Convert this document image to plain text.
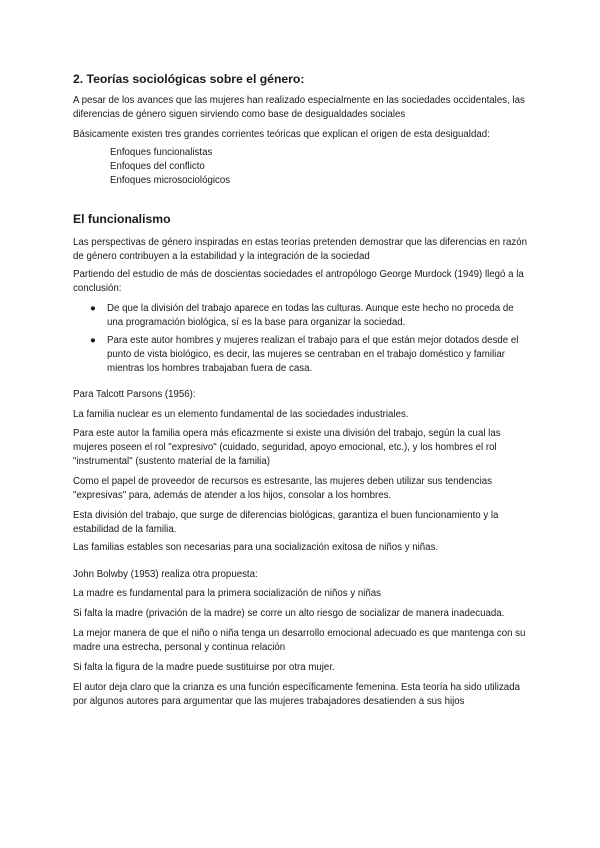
2. Teorías sociológicas sobre el género:
A pesar de los avances que las mujeres han realizado especialmente en las sociedades occidentales, las diferencias de género siguen sirviendo como base de desigualdades sociales
Básicamente existen tres grandes corrientes teóricas que explican el origen de esta desigualdad:
Enfoques funcionalistas
Enfoques del conflicto
Enfoques microsociológicos
El funcionalismo
Las perspectivas de género inspiradas en estas teorías pretenden demostrar que las diferencias en razón de género contribuyen a la estabilidad y la integración de la sociedad
Partiendo del estudio de más de doscientas sociedades el antropólogo George Murdock (1949) llegó a la conclusión:
● De que la división del trabajo aparece en todas las culturas. Aunque este hecho no proceda de una programación biológica, sí es la base para organizar la sociedad.
● Para este autor hombres y mujeres realizan el trabajo para el que están mejor dotados desde el punto de vista biológico, es decir, las mujeres se centraban en el trabajo doméstico y familiar mientras los hombres trabajaban fuera de casa.
Para Talcott Parsons (1956):
La familia nuclear es un elemento fundamental de las sociedades industriales.
Para este autor la familia opera más eficazmente si existe una división del trabajo, según la cual las mujeres poseen el rol "expresivo" (cuidado, seguridad, apoyo emocional, etc.), y los hombres el rol "instrumental" (sustento material de la familia)
Como el papel de proveedor de recursos es estresante, las mujeres deben utilizar sus tendencias "expresivas" para, además de atender a los hijos, consolar a los hombres.
Esta división del trabajo, que surge de diferencias biológicas, garantiza el buen funcionamiento y la estabilidad de la familia.
Las familias estables son necesarias para una socialización exitosa de niños y niñas.
John Bolwby (1953) realiza otra propuesta:
La madre es fundamental para la primera socialización de niños y niñas
Si falta la madre (privación de la madre) se corre un alto riesgo de socializar de manera inadecuada.
La mejor manera de que el niño o niña tenga un desarrollo emocional adecuado es que mantenga con su madre una estrecha, personal y continua relación
Si falta la figura de la madre puede sustituirse por otra mujer.
El autor deja claro que la crianza es una función específicamente femenina. Esta teoría ha sido utilizada por algunos autores para argumentar que las mujeres trabajadores desatienden a sus hijos
